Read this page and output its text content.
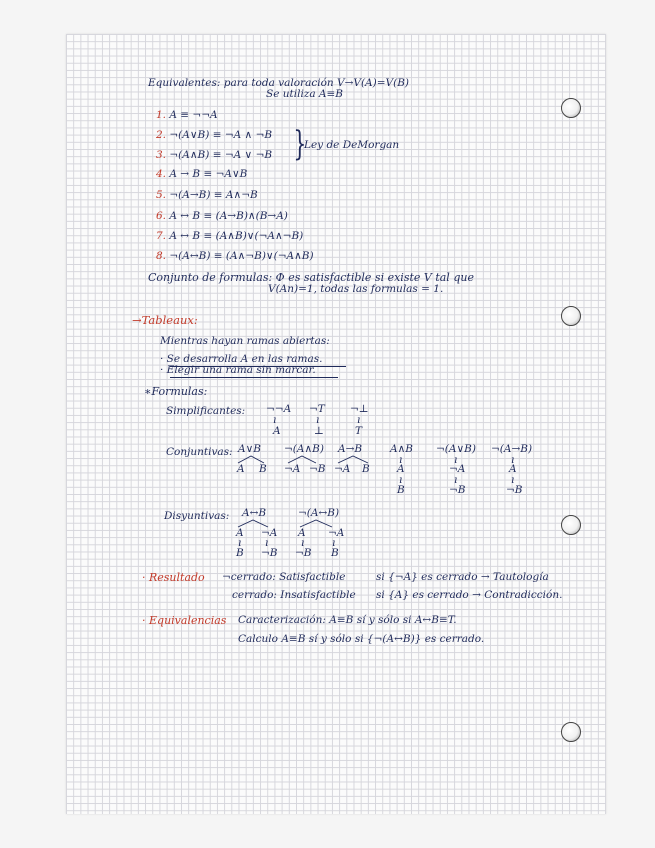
Equivalentes: para toda valoración V→V(A)=V(B)
Se utiliza A≡B
1. A ≡ ¬¬A
2. ¬(A∨B) ≡ ¬A ∧ ¬B
3. ¬(A∧B) ≡ ¬A ∨ ¬B
4. A → B ≡ ¬A∨B
5. ¬(A→B) ≡ A∧¬B
6. A ↔ B ≡ (A→B)∧(B→A)
7. A ↔ B ≡ (A∧B)∨(¬A∧¬B)
8. ¬(A↔B) ≡ (A∧¬B)∨(¬A∧B)
}
Ley de DeMorgan
Conjunto de formulas: Φ es satisfactible si existe V tal que
V(An)=1, todas las formulas = 1.
→Tableaux:
Mientras hayan ramas abiertas:
· Se desarrolla A en las ramas.
· Elegir una rama sin marcar.
∗Formulas:
Simplificantes: ¬¬A
ı
A
¬T
ı
⊥
¬⊥
ı
T
Conjuntivas: A∨B
A B
¬(A∧B)
¬A ¬B
A→B
¬A B
A∧B
ı
A
ı
B
¬(A∨B)
ı
¬A
ı
¬B
¬(A→B)
ı
A
ı
¬B
Disyuntivas: A↔B
A ¬A
ı ı
B ¬B
¬(A↔B)
A ¬A
ı	ı
¬B B
· Resultado ¬cerrado: Satisfactible	si {¬A} es cerrado → Tautología
cerrado: Insatisfactible si {A} es cerrado → Contradicción.
· Equivalencias Caracterización: A≡B sí y sólo si A↔B≡T.
Calculo A≡B sí y sólo si {¬(A↔B)} es cerrado.
